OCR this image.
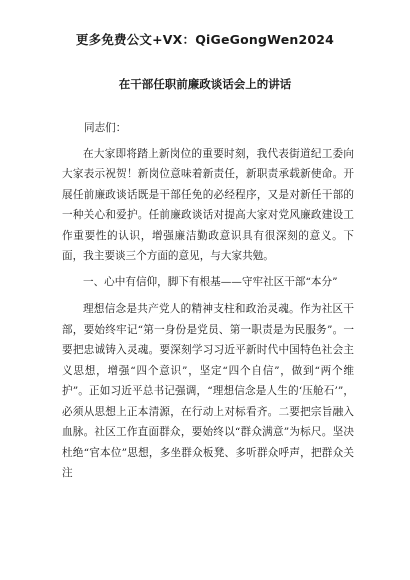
更多免费公文+VX：QiGeGongWen2024
在干部任职前廉政谈话会上的讲话
同志们：

在大家即将踏上新岗位的重要时刻，我代表街道纪工委向大家表示祝贺！新岗位意味着新责任，新职责承载新使命。开展任前廉政谈话既是干部任免的必经程序，又是对新任干部的一种关心和爱护。任前廉政谈话对提高大家对党风廉政建设工作重要性的认识，增强廉洁勤政意识具有很深刻的意义。下面，我主要谈三个方面的意见，与大家共勉。

一、心中有信仰，脚下有根基——守牢社区干部“本分”

理想信念是共产党人的精神支柱和政治灵魂。作为社区干部，要始终牢记“第一身份是党员、第一职责是为民服务”。一要把忠诚铸入灵魂。要深刻学习习近平新时代中国特色社会主义思想，增强“四个意识”，坚定“四个自信”，做到“两个维护”。正如习近平总书记强调，“理想信念是人生的‘压舱石’”，必须从思想上正本清源，在行动上对标看齐。二要把宗旨融入血脉。社区工作直面群众，要始终以“群众满意”为标尺。坚决杜绝“官本位”思想，多坐群众板凳、多听群众呼声，把群众关注
